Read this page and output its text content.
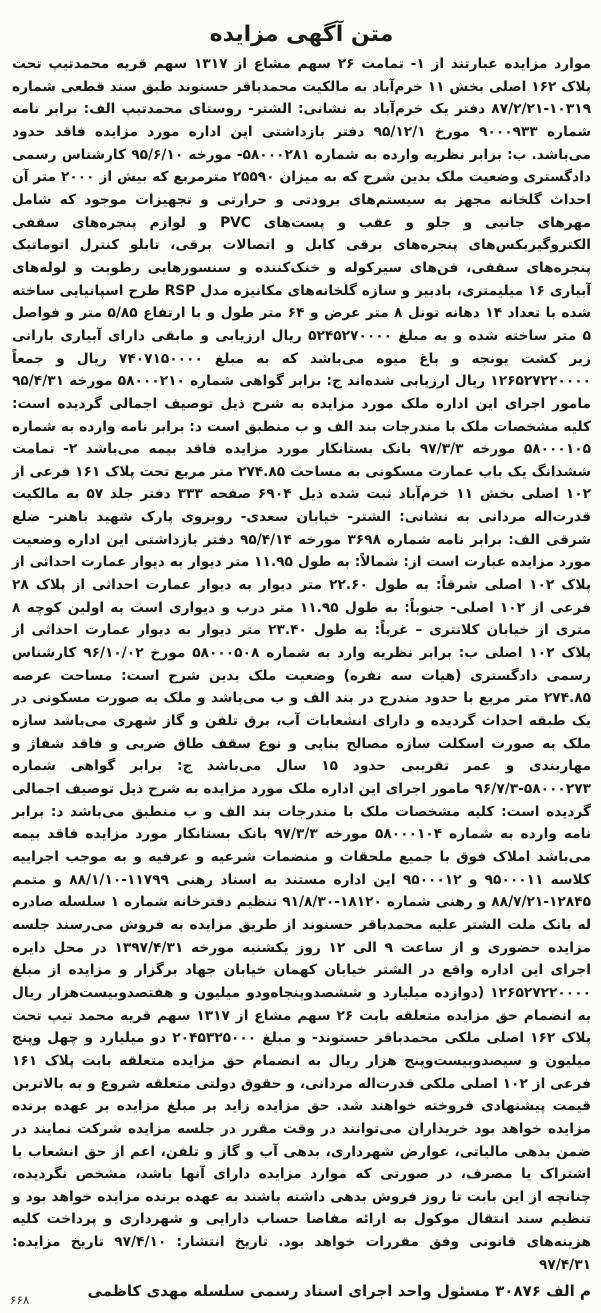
متن آگهی مزایده

موارد مزایده عبارتند از ۱- تمامت ۲۶ سهم مشاع از ۱۳۱۷ سهم قریه محمدتیپ تحت پلاک ۱۶۲ اصلی بخش ۱۱ خرم‌آباد به مالکیت محمدباقر حسنوند طبق سند قطعی شماره ۱۰۳۱۹-۸۷/۲/۲۱ دفتر یک خرم‌آباد به نشانی: الشتر- روستای محمدتیپ الف: برابر نامه شماره ۹۰۰۰۹۳۳ مورخ ۹۵/۱۲/۱ دفتر بازداشتی این اداره مورد مزایده فاقد حدود می‌باشد. ب: برابر نظریه وارده به شماره ۵۸۰۰۰۲۸۱- مورخه ۹۵/۶/۱۰ کارشناس رسمی دادگستری وضعیت ملک بدین شرح که به میزان ۲۵۵۹۰ مترمربع که بیش از ۲۰۰۰ متر آن احداث گلخانه مجهز به سیستم‌های برودتی و حرارتی و تجهیزات موجود که شامل مهرهای جانبی و جلو و عقب و پست‌های PVC و لوازم پنجره‌های سقفی الکتروگیربکس‌های پنجره‌های برقی کابل و اتصالات برقی، تابلو کنترل اتوماتیک پنجره‌های سقفی، فن‌های سیرکوله و خنک‌کننده و سنسورهایی رطوبت و لوله‌های آبیاری ۱۶ میلیمتری، بادبیر و سازه گلخانه‌های مکانیزه مدل RSP طرح اسپانیایی ساخته شده با تعداد ۱۴ دهانه تونل ۸ متر عرض و ۶۴ متر طول و با ارتفاع ۵/۸۵ متر و فواصل ۵ متر ساخته شده و به مبلغ ۵۲۴۵۲۷۰۰۰۰ ریال ارزیابی و مابقی دارای آبیاری بارانی زیر کشت یونجه و باغ میوه می‌باشد که به مبلغ ۷۴۰۷۱۵۰۰۰۰ ریال و جمعاً ۱۲۶۵۲۷۲۲۰۰۰۰ ریال ارزیابی شده‌اند ج: برابر گواهی شماره ۵۸۰۰۰۲۱۰ مورخه ۹۵/۴/۳۱ مامور اجرای این اداره ملک مورد مزایده به شرح ذیل توصیف اجمالی گردیده است: کلیه مشخصات ملک با مندرجات بند الف و ب منطبق است د: برابر نامه وارده به شماره ۵۸۰۰۰۱۰۵ مورخه ۹۷/۳/۳ بانک بستانکار مورد مزایده فاقد بیمه می‌باشد ۲- تمامت ششدانگ یک باب عمارت مسکونی به مساحت ۲۷۴.۸۵ متر مربع تحت پلاک ۱۶۱ فرعی از ۱۰۲ اصلی بخش ۱۱ خرم‌آباد ثبت شده ذیل ۶۹۰۴ صفحه ۳۳۳ دفتر جلد ۵۷ به مالکیت قدرت‌اله مردانی به نشانی: الشتر- خیابان سعدی- روبروی پارک شهید باهنر- ضلع شرقی الف: برابر نامه شماره ۳۶۹۸ مورخه ۹۵/۴/۱۴ دفتر بازداشتی این اداره وضعیت مورد مزایده عبارت است از: شمالاً: به طول ۱۱.۹۵ متر دیوار به دیوار عمارت احداثی از پلاک ۱۰۲ اصلی شرقاً: به طول ۲۲.۶۰ متر دیوار به دیوار عمارت احداثی از پلاک ۲۸ فرعی از ۱۰۲ اصلی- جنوباً: به طول ۱۱.۹۵ متر درب و دیواری است به اولین کوچه ۸ متری از خیابان کلانتری – غرباً: به طول ۲۳.۴۰ متر دیوار به دیوار عمارت احداثی از پلاک ۱۰۲ اصلی ب: برابر نظریه وارد به شماره ۵۸۰۰۰۵۰۸ مورخ ۹۶/۱۰/۰۲ کارشناس رسمی دادگستری (هیات سه نفره) وضعیت ملک بدین شرح است: مساحت عرصه ۲۷۴.۸۵ متر مربع با حدود مندرج در بند الف و ب می‌باشد و ملک به صورت مسکونی در یک طبقه احداث گردیده و دارای انشعابات آب، برق تلفن و گاز شهری می‌باشد سازه ملک به صورت اسکلت سازه مصالح بنایی و نوع سقف طاق ضربی و فاقد شفاژ و مهاربندی و عمر تقریبی حدود ۱۵ سال می‌باشد ج: برابر گواهی شماره ۵۸۰۰۰۲۷۳-۹۶/۷/۳ مامور اجرای این اداره ملک مورد مزایده به شرح ذیل توصیف اجمالی گردیده است: کلیه مشخصات ملک با مندرجات بند الف و ب منطبق می‌باشد د: برابر نامه وارده به شماره ۵۸۰۰۰۱۰۴ مورخه ۹۷/۳/۳ بانک بستانکار مورد مزایده فاقد بیمه می‌باشد املاک فوق با جمیع ملحقات و منضمات شرعیه و عرفیه و به موجب اجراییه کلاسه ۹۵۰۰۰۱۱ و ۹۵۰۰۰۱۲ این اداره مستند به اسناد رهنی ۱۱۷۹۹-۸۸/۱/۱۰ و متمم ۱۲۸۴۵-۸۸/۷/۲۱ و رهنی شماره ۱۸۱۲۰-۹۱/۸/۳۰ تنظیم دفترخانه شماره ۱ سلسله صادره له بانک ملت الشتر علیه محمدباقر حسنوند از طریق مزایده به فروش می‌رسند جلسه مزایده حضوری و از ساعت ۹ الی ۱۲ روز یکشنبه مورخه ۱۳۹۷/۴/۳۱ در محل دایره اجرای این اداره واقع در الشتر خیابان کهمان خیابان جهاد برگزار و مزایده از مبلغ ۱۲۶۵۲۷۲۲۰۰۰۰ (دوازده میلیارد و ششصدوپنجاه‌ودو میلیون و هفتصدوبیست‌هزار ریال به انضمام حق مزایده متعلقه بابت ۲۶ سهم مشاع از ۱۳۱۷ سهم قریه محمد تیپ تحت پلاک ۱۶۲ اصلی ملکی محمدباقر حسنوند- و مبلغ ۲۰۴۵۳۲۵۰۰۰ دو میلیارد و چهل وپنج میلیون و سیصدوبیست‌وپنج هزار ریال به انضمام حق مزایده متعلقه بابت پلاک ۱۶۱ فرعی از ۱۰۲ اصلی ملکی قدرت‌اله مردانی، و حقوق دولتی متعلقه شروع و به بالاترین قیمت پیشنهادی فروخته خواهند شد. حق مزایده زاید بر مبلغ مزایده بر عهده برنده مزایده خواهد بود خریداران می‌توانند در وقت مقرر در جلسه مزایده شرکت نمایند در ضمن بدهی مالیاتی، عوارض شهرداری، بدهی آب و گاز و تلفن، اعم از حق انشعاب یا اشتراک یا مصرف، در صورتی که موارد مزایده دارای آنها باشد، مشخص نگردیده، چنانچه از این بابت تا روز فروش بدهی داشته باشند به عهده برنده مزایده خواهد بود و تنظیم سند انتقال موکول به ارائه مفاصا حساب دارایی و شهرداری و پرداخت کلیه هزینه‌های قانونی وفق مقررات خواهد بود. تاریخ انتشار: ۹۷/۴/۱۰ تاریخ مزایده: ۹۷/۴/۳۱

م الف ۳۰۸۷۶ مسئول واحد اجرای اسناد رسمی سلسله مهدی کاظمی
۶۶۸
